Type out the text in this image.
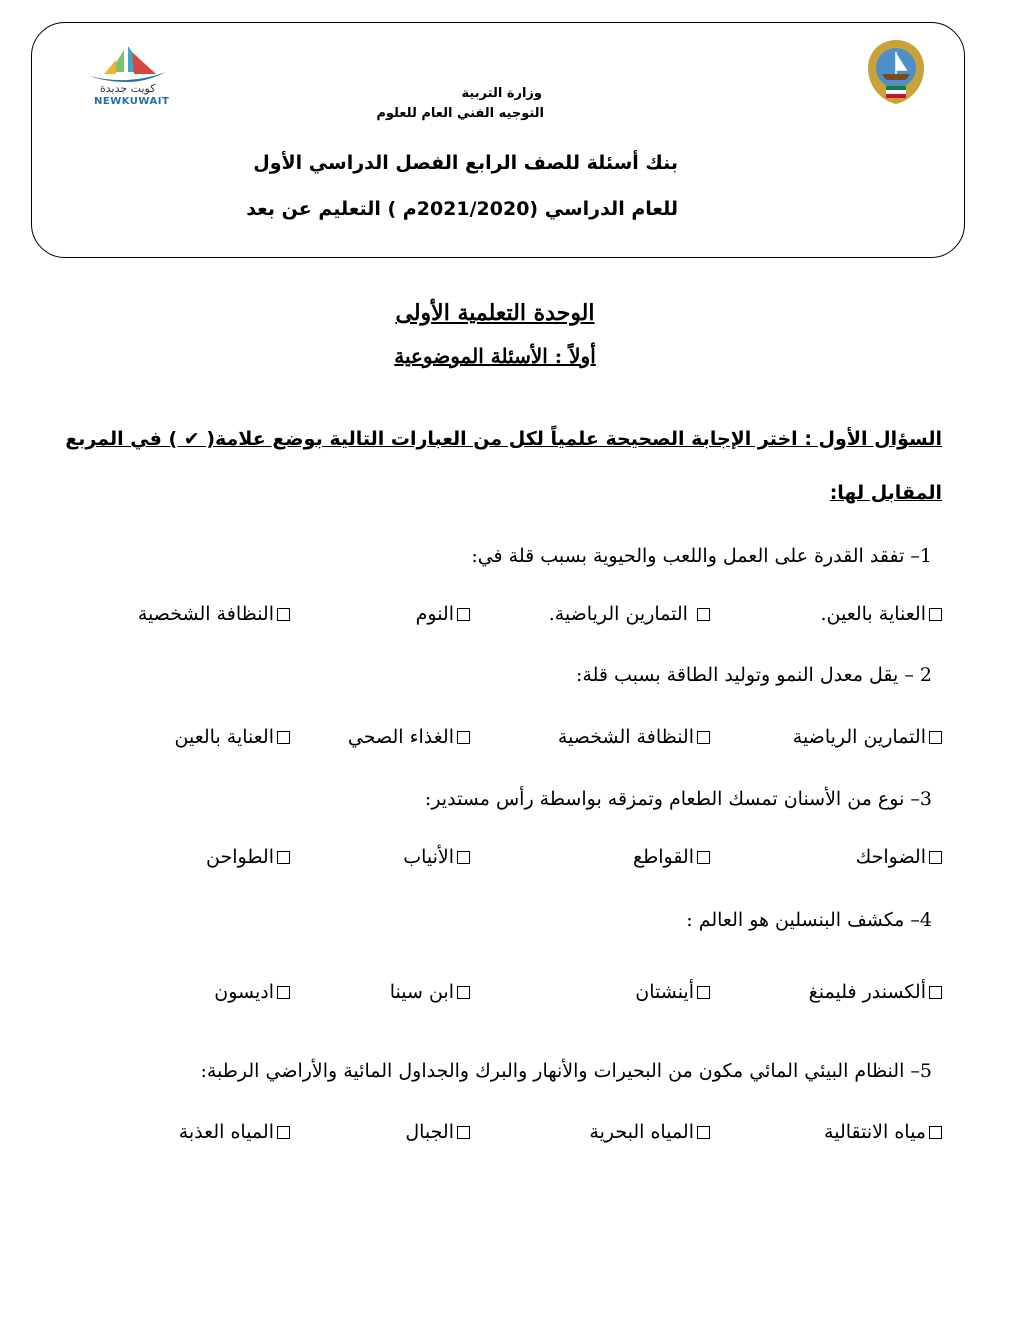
كويت جديدة
NEWKUWAIT
وزارة التربية
التوجيه الفني العام للعلوم
بنك أسئلة للصف الرابع الفصل الدراسي الأول
للعام الدراسي (2021/2020م ) التعليم عن بعد
الوحدة التعلمية الأولى
أولاً : الأسئلة الموضوعية
السؤال الأول : اختر الإجابة الصحيحة علمياً لكل من العبارات التالية بوضع علامة( ✔ ) في المربع
المقابل لها:
1– تفقد القدرة على العمل واللعب والحيوية بسبب قلة في:
العناية بالعين.
التمارين الرياضية.
النوم
النظافة الشخصية
2 – يقل معدل النمو وتوليد الطاقة بسبب قلة:
التمارين الرياضية
النظافة الشخصية
الغذاء الصحي
العناية بالعين
3– نوع من الأسنان تمسك الطعام وتمزقه بواسطة رأس مستدير:
الضواحك
القواطع
الأنياب
الطواحن
4– مكشف البنسلين هو العالم :
ألكسندر فليمنغ
أينشتان
ابن سينا
اديسون
5– النظام البيئي المائي مكون من البحيرات والأنهار والبرك والجداول المائية والأراضي الرطبة:
مياه الانتقالية
المياه البحرية
الجبال
المياه العذبة
